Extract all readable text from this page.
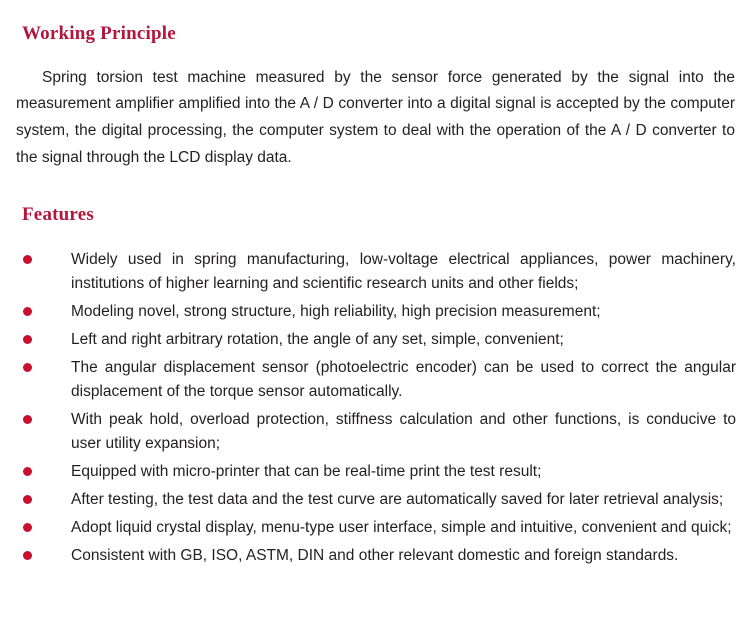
Working Principle

Spring torsion test machine measured by the sensor force generated by the signal into the measurement amplifier amplified into the A / D converter into a digital signal is accepted by the computer system, the digital processing, the computer system to deal with the operation of the A / D converter to the signal through the LCD display data.

Features
Widely used in spring manufacturing, low-voltage electrical appliances, power machinery, institutions of higher learning and scientific research units and other fields;
Modeling novel, strong structure, high reliability, high precision measurement;
Left and right arbitrary rotation, the angle of any set, simple, convenient;
The angular displacement sensor (photoelectric encoder) can be used to correct the angular displacement of the torque sensor automatically.
With peak hold, overload protection, stiffness calculation and other functions, is conducive to user utility expansion;
Equipped with micro-printer that can be real-time print the test result;
After testing, the test data and the test curve are automatically saved for later retrieval analysis;
Adopt liquid crystal display, menu-type user interface, simple and intuitive, convenient and quick;
Consistent with GB, ISO, ASTM, DIN and other relevant domestic and foreign standards.
